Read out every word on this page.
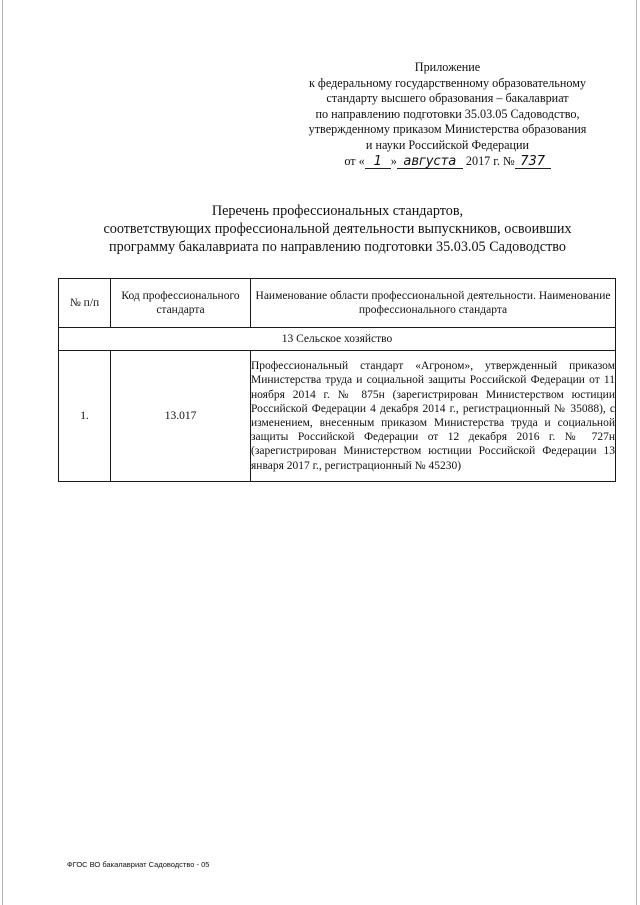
Приложение
к федеральному государственному образовательному
стандарту высшего образования – бакалавриат
по направлению подготовки 35.03.05 Садоводство,
утвержденному приказом Министерства образования
и науки Российской Федерации
от « 1 » августа 2017 г. № 737
Перечень профессиональных стандартов,
соответствующих профессиональной деятельности выпускников, освоивших
программу бакалавриата по направлению подготовки 35.03.05 Садоводство
№ п/п	Код профессионального стандарта	Наименование области профессиональной деятельности. Наименование профессионального стандарта
13 Сельское хозяйство		
1.	13.017	Профессиональный стандарт «Агроном», утвержденный приказом Министерства труда и социальной защиты Российской Федерации от 11 ноября 2014 г. № 875н (зарегистрирован Министерством юстиции Российской Федерации 4 декабря 2014 г., регистрационный № 35088), с изменением, внесенным приказом Министерства труда и социальной защиты Российской Федерации от 12 декабря 2016 г. № 727н (зарегистрирован Министерством юстиции Российской Федерации 13 января 2017 г., регистрационный № 45230)
ФГОС ВО бакалавриат Садоводство - 05
